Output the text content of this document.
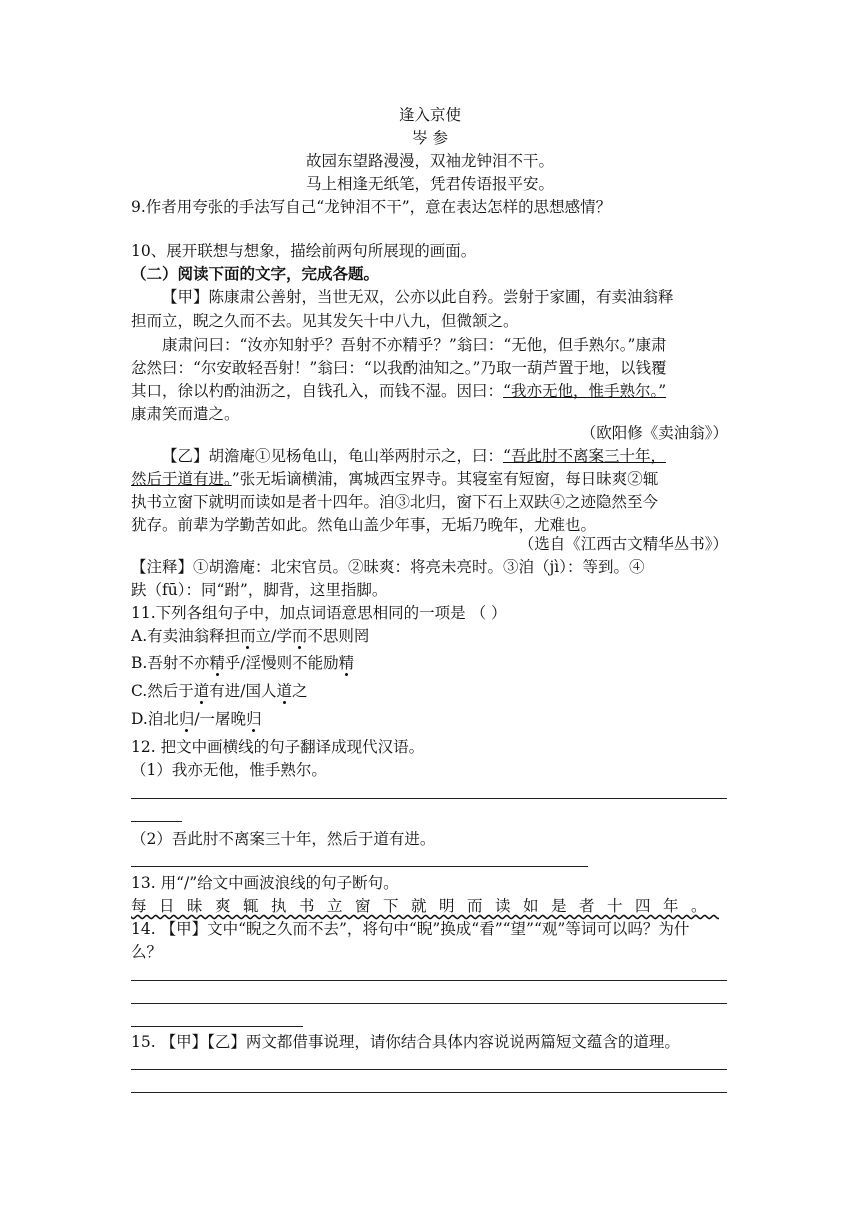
逢入京使
岑 参
故园东望路漫漫，双袖龙钟泪不干。
马上相逢无纸笔，凭君传语报平安。
9.作者用夸张的手法写自己“龙钟泪不干”，意在表达怎样的思想感情？
10、展开联想与想象，描绘前两句所展现的画面。
（二）阅读下面的文字，完成各题。
【甲】陈康肃公善射，当世无双，公亦以此自矜。尝射于家圃，有卖油翁释
担而立，睨之久而不去。见其发矢十中八九，但微颔之。
康肃问曰：“汝亦知射乎？吾射不亦精乎？”翁曰：“无他，但手熟尔。”康肃
忿然曰：“尔安敢轻吾射！”翁曰：“以我酌油知之。”乃取一葫芦置于地，以钱覆
其口，徐以杓酌油沥之，自钱孔入，而钱不湿。因曰：“我亦无他，惟手熟尔。”
康肃笑而遣之。
（欧阳修《卖油翁》）
【乙】胡澹庵①见杨龟山，龟山举两肘示之，曰：“吾此肘不离案三十年，
然后于道有进。”张无垢谪横浦，寓城西宝界寺。其寝室有短窗，每日昧爽②辄
执书立窗下就明而读如是者十四年。洎③北归，窗下石上双趺④之迹隐然至今
犹存。前辈为学勤苦如此。然龟山盖少年事，无垢乃晚年，尤难也。
（选自《江西古文精华丛书》）
【注释】①胡澹庵：北宋官员。②昧爽：将亮未亮时。③洎（jì）：等到。④
趺（fū）：同“跗”，脚背，这里指脚。
11.下列各组句子中，加点词语意思相同的一项是 （ ）
A.有卖油翁释担而立/学而不思则罔
B.吾射不亦精乎/淫慢则不能励精
C.然后于道有进/国人道之
D.洎北归/一屠晚归
12. 把文中画横线的句子翻译成现代汉语。
（1）我亦无他，惟手熟尔。
（2）吾此肘不离案三十年，然后于道有进。
13. 用“/”给文中画波浪线的句子断句。
每日昧爽辄执书立窗下就明而读如是者十四年。
14. 【甲】文中“睨之久而不去”，将句中“睨”换成“看”“望”“观”等词可以吗？为什
么？
15. 【甲】【乙】两文都借事说理，请你结合具体内容说说两篇短文蕴含的道理。
